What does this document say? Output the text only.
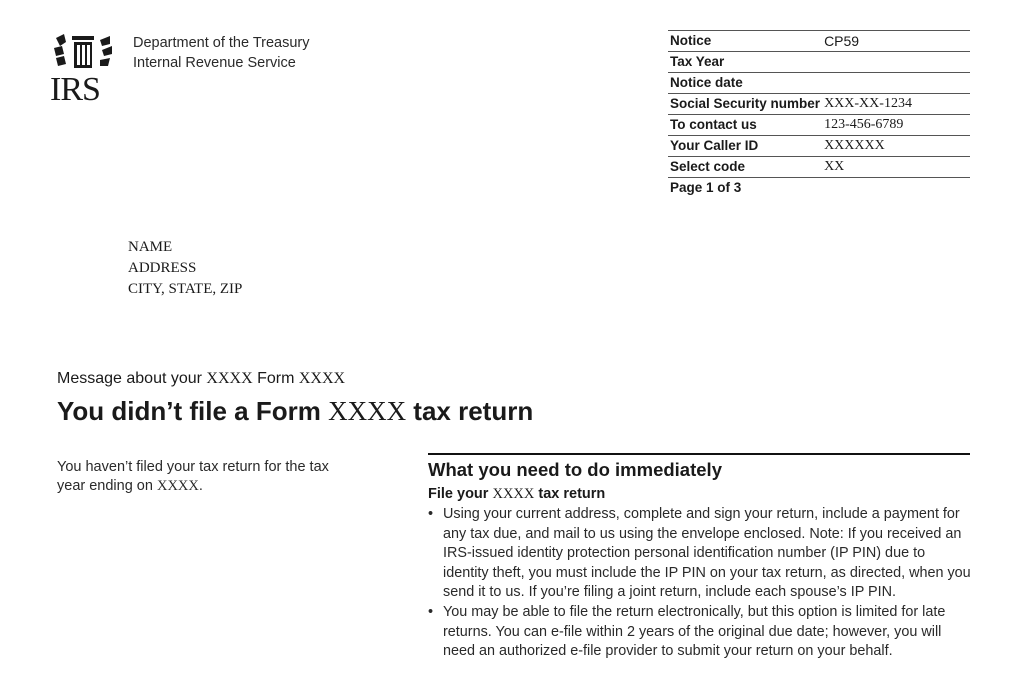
IRS
Department of the Treasury
Internal Revenue Service
Notice	CP59
Tax Year	
Notice date	
Social Security number	XXX-XX-1234
To contact us	123-456-6789
Your Caller ID	XXXXXX
Select code	XX
Page 1 of 3	
NAME
ADDRESS
CITY, STATE, ZIP
Message about your XXXX Form XXXX
You didn’t file a Form XXXX tax return
You haven’t filed your tax return for the tax year ending on XXXX.
What you need to do immediately
File your XXXX tax return
• Using your current address, complete and sign your return, include a payment for any tax due, and mail to us using the envelope enclosed. Note: If you received an IRS-issued identity protection personal identification number (IP PIN) due to identity theft, you must include the IP PIN on your tax return, as directed, when you send it to us. If you’re filing a joint return, include each spouse’s IP PIN.
• You may be able to file the return electronically, but this option is limited for late returns. You can e-file within 2 years of the original due date; however, you will need an authorized e-file provider to submit your return on your behalf.
